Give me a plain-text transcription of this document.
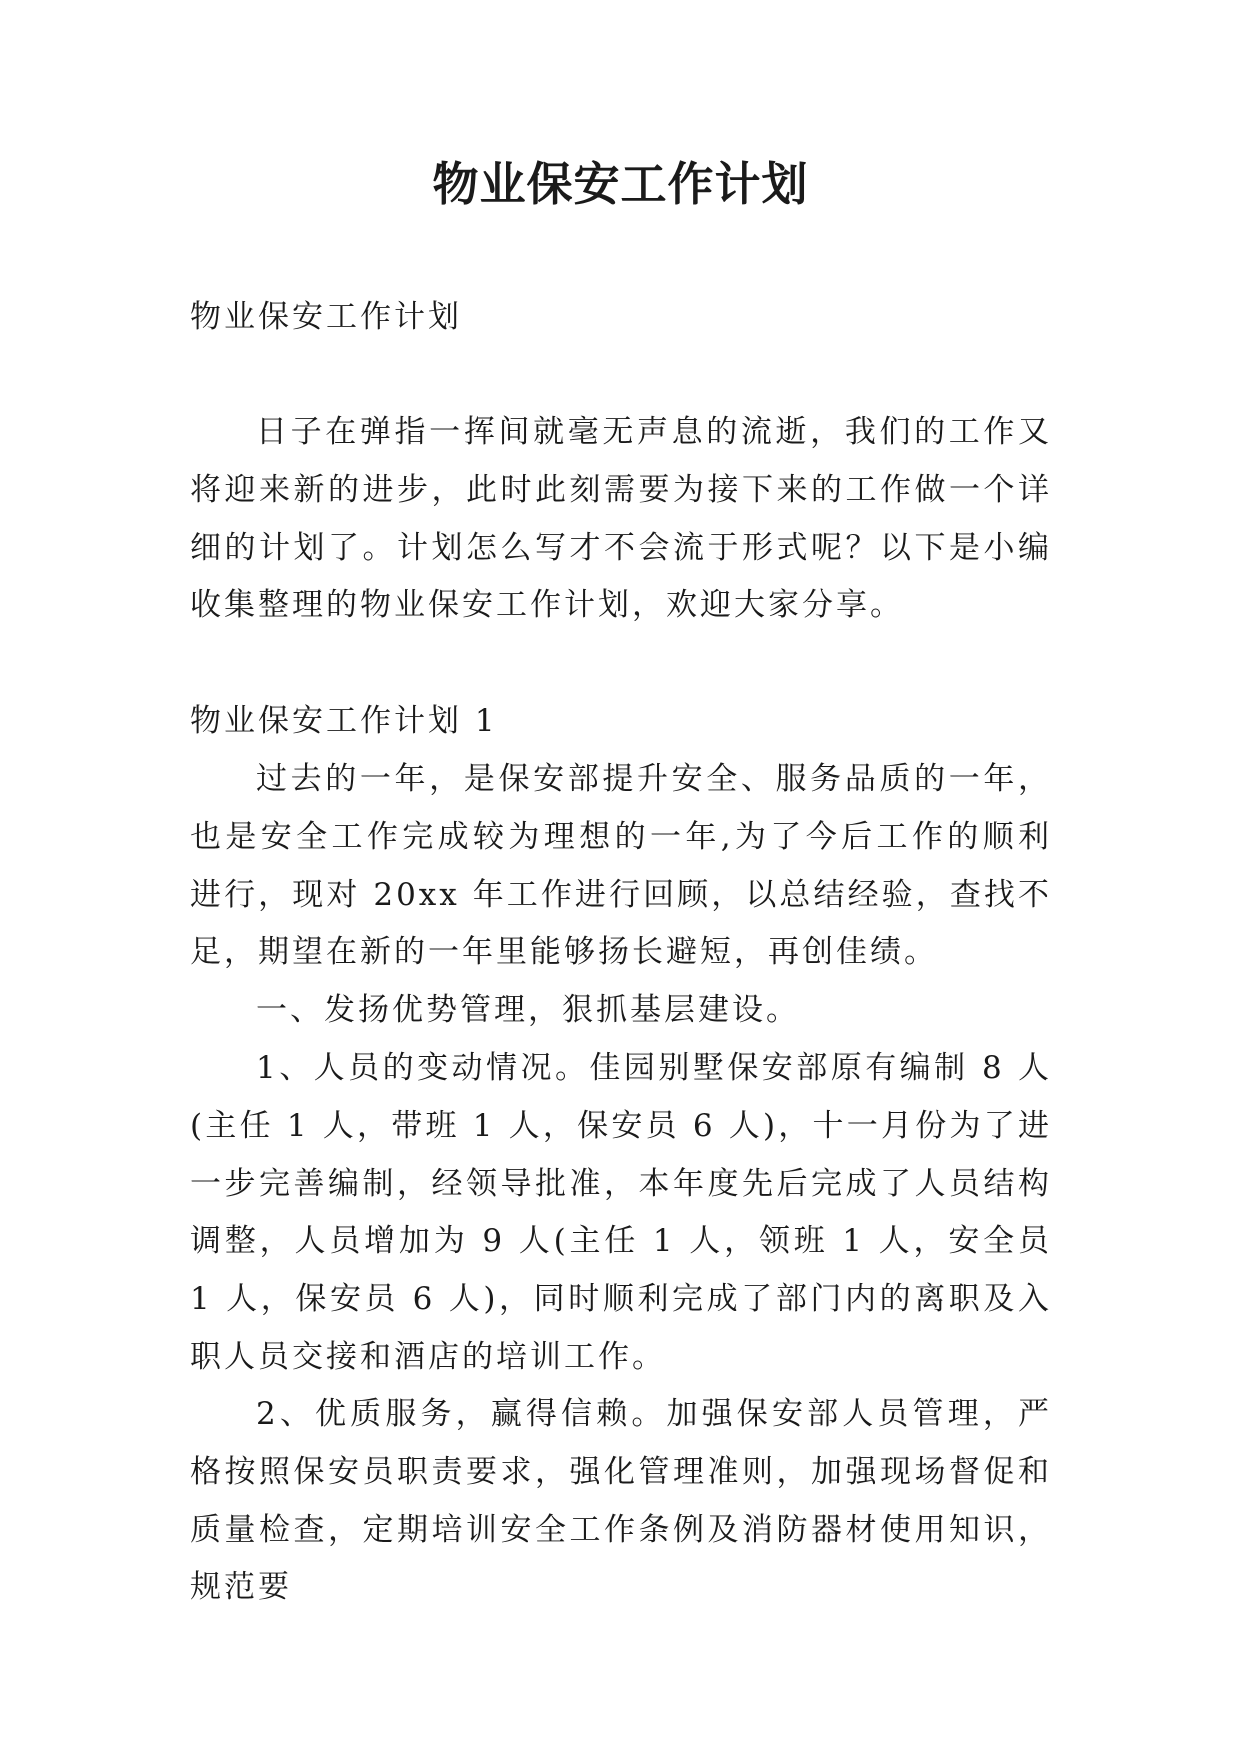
物业保安工作计划

物业保安工作计划

日子在弹指一挥间就毫无声息的流逝，我们的工作又将迎来新的进步，此时此刻需要为接下来的工作做一个详细的计划了。计划怎么写才不会流于形式呢？以下是小编收集整理的物业保安工作计划，欢迎大家分享。

物业保安工作计划 1

过去的一年，是保安部提升安全、服务品质的一年，也是安全工作完成较为理想的一年,为了今后工作的顺利进行，现对 20xx 年工作进行回顾，以总结经验，查找不足，期望在新的一年里能够扬长避短，再创佳绩。

一、发扬优势管理，狠抓基层建设。

1、人员的变动情况。佳园别墅保安部原有编制 8 人(主任 1 人，带班 1 人，保安员 6 人)，十一月份为了进一步完善编制，经领导批准，本年度先后完成了人员结构调整，人员增加为 9 人(主任 1 人，领班 1 人，安全员 1 人，保安员 6 人)，同时顺利完成了部门内的离职及入职人员交接和酒店的培训工作。

2、优质服务，赢得信赖。加强保安部人员管理，严格按照保安员职责要求，强化管理准则，加强现场督促和质量检查，定期培训安全工作条例及消防器材使用知识，规范要
